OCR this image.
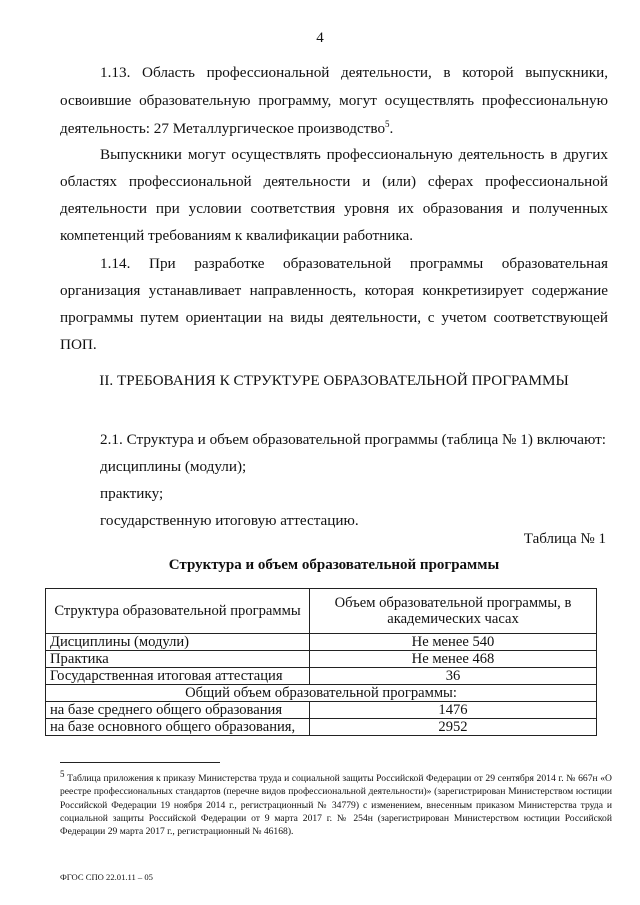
4
1.13. Область профессиональной деятельности, в которой выпускники,
освоившие образовательную программу, могут осуществлять профессиональную
деятельность: 27 Металлургическое производство$^5$.
Выпускники могут осуществлять профессиональную деятельность в других
областях профессиональной деятельности и (или) сферах профессиональной
деятельности при условии соответствия уровня их образования и полученных
компетенций требованиям к квалификации работника.
1.14. При разработке образовательной программы образовательная
организация устанавливает направленность, которая конкретизирует содержание
программы путем ориентации на виды деятельности, с учетом соответствующей
ПОП.
II. ТРЕБОВАНИЯ К СТРУКТУРЕ ОБРАЗОВАТЕЛЬНОЙ ПРОГРАММЫ
2.1. Структура и объем образовательной программы (таблица № 1) включают:
дисциплины (модули);
практику;
государственную итоговую аттестацию.
Таблица № 1
Структура и объем образовательной программы
Структура образовательной программы	Объем образовательной программы, в академических часах
Дисциплины (модули)	Не менее 540
Практика	Не менее 468
Государственная итоговая аттестация	36
Общий объем образовательной программы:	
на базе среднего общего образования	1476
на базе основного общего образования,	2952
$^5$ Таблица приложения к приказу Министерства труда и социальной защиты Российской Федерации от 29 сентября 2014 г. № 667н «О реестре профессиональных стандартов (перечне видов профессиональной деятельности)» (зарегистрирован Министерством юстиции Российской Федерации 19 ноября 2014 г., регистрационный № 34779) с изменением, внесенным приказом Министерства труда и социальной защиты Российской Федерации от 9 марта 2017 г. № 254н (зарегистрирован Министерством юстиции Российской Федерации 29 марта 2017 г., регистрационный № 46168).
ФГОС СПО 22.01.11 – 05
